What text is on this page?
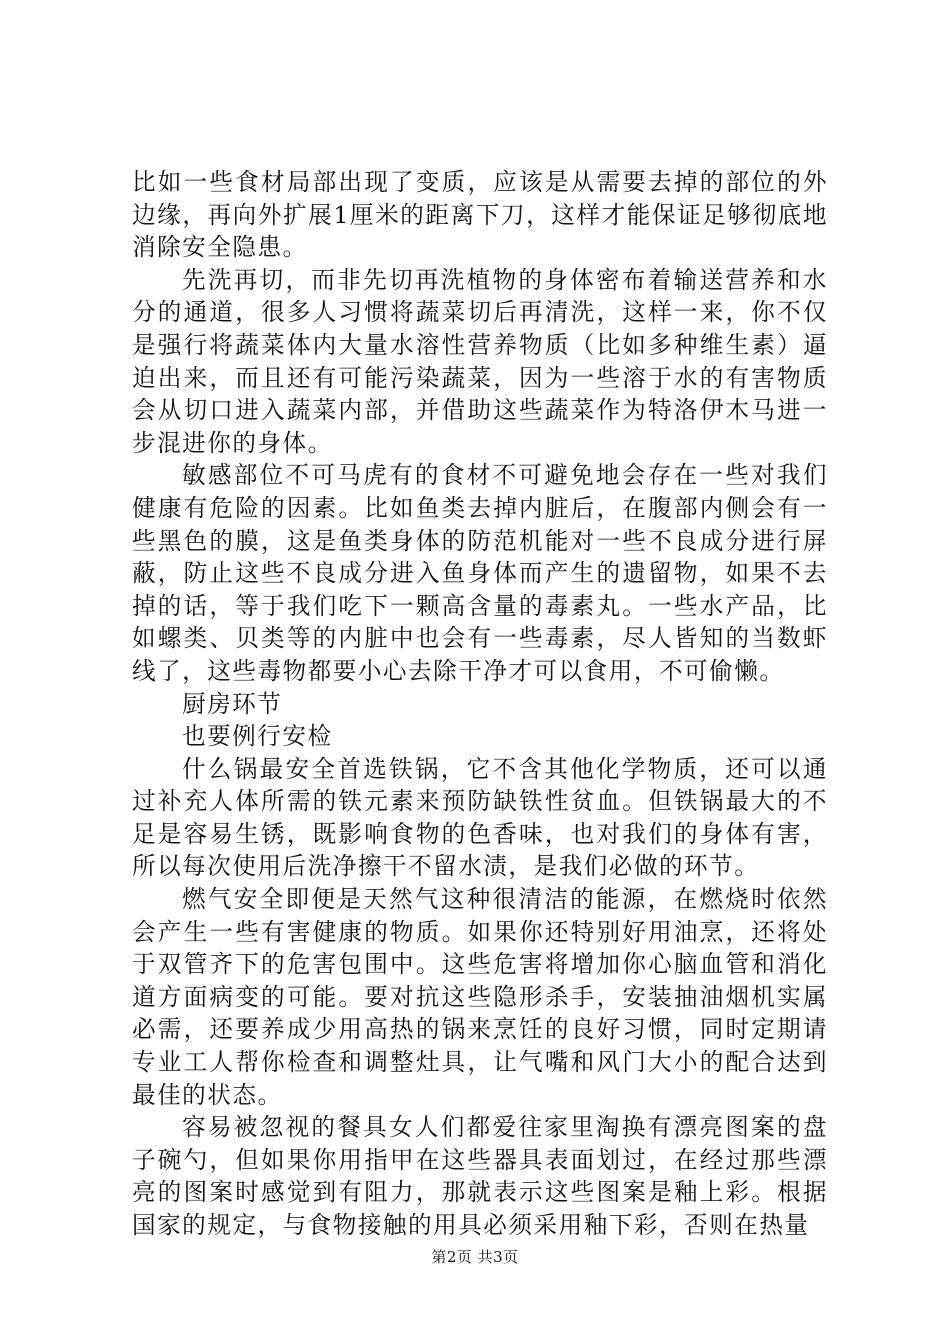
比如一些食材局部出现了变质，应该是从需要去掉的部位的外边缘，再向外扩展1厘米的距离下刀，这样才能保证足够彻底地消除安全隐患。

先洗再切，而非先切再洗植物的身体密布着输送营养和水分的通道，很多人习惯将蔬菜切后再清洗，这样一来，你不仅是强行将蔬菜体内大量水溶性营养物质（比如多种维生素）逼迫出来，而且还有可能污染蔬菜，因为一些溶于水的有害物质会从切口进入蔬菜内部，并借助这些蔬菜作为特洛伊木马进一步混进你的身体。

敏感部位不可马虎有的食材不可避免地会存在一些对我们健康有危险的因素。比如鱼类去掉内脏后，在腹部内侧会有一些黑色的膜，这是鱼类身体的防范机能对一些不良成分进行屏蔽，防止这些不良成分进入鱼身体而产生的遗留物，如果不去掉的话，等于我们吃下一颗高含量的毒素丸。一些水产品，比如螺类、贝类等的内脏中也会有一些毒素，尽人皆知的当数虾线了，这些毒物都要小心去除干净才可以食用，不可偷懒。

厨房环节

也要例行安检

什么锅最安全首选铁锅，它不含其他化学物质，还可以通过补充人体所需的铁元素来预防缺铁性贫血。但铁锅最大的不足是容易生锈，既影响食物的色香味，也对我们的身体有害，所以每次使用后洗净擦干不留水渍，是我们必做的环节。

燃气安全即便是天然气这种很清洁的能源，在燃烧时依然会产生一些有害健康的物质。如果你还特别好用油烹，还将处于双管齐下的危害包围中。这些危害将增加你心脑血管和消化道方面病变的可能。要对抗这些隐形杀手，安装抽油烟机实属必需，还要养成少用高热的锅来烹饪的良好习惯，同时定期请专业工人帮你检查和调整灶具，让气嘴和风门大小的配合达到最佳的状态。

容易被忽视的餐具女人们都爱往家里淘换有漂亮图案的盘子碗勺，但如果你用指甲在这些器具表面划过，在经过那些漂亮的图案时感觉到有阻力，那就表示这些图案是釉上彩。根据国家的规定，与食物接触的用具必须采用釉下彩，否则在热量

第2页 共3页
